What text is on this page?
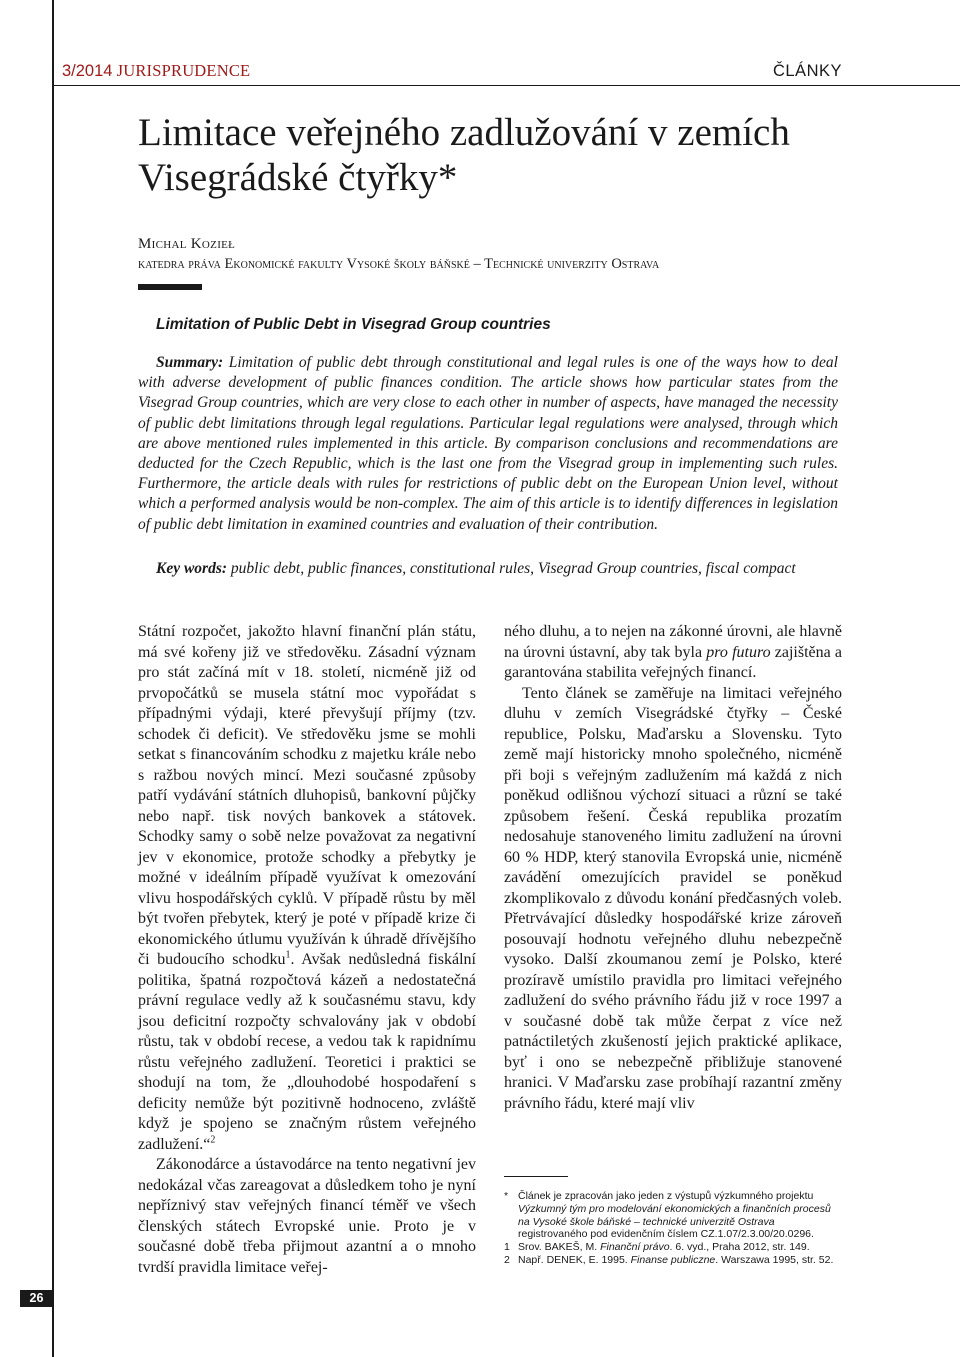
3/2014 JURISPRUDENCE	ČLÁNKY
Limitace veřejného zadlužování v zemích
Visegrádské čtyřky*
Michal Kozieł
katedra práva Ekonomické fakulty Vysoké školy báňské – Technické univerzity Ostrava
Limitation of Public Debt in Visegrad Group countries

Summary: Limitation of public debt through constitutional and legal rules is one of the ways how to deal with adverse development of public finances condition. The article shows how particular states from the Visegrad Group countries, which are very close to each other in number of aspects, have managed the necessity of public debt limitations through legal regulations. Particular legal regulations were analysed, through which are above mentioned rules implemented in this article. By comparison conclusions and recommendations are deducted for the Czech Republic, which is the last one from the Visegrad group in implementing such rules. Furthermore, the article deals with rules for restrictions of public debt on the European Union level, without which a performed analysis would be non-complex. The aim of this article is to identify differences in legislation of public debt limitation in examined countries and evaluation of their contribution.

Key words: public debt, public finances, constitutional rules, Visegrad Group countries, fiscal compact

Státní rozpočet, jakožto hlavní finanční plán státu, má své kořeny již ve středověku. Zásadní význam pro stát začíná mít v 18. století, nicméně již od prvopočátků se musela státní moc vypořádat s případnými výdaji, které převyšují příjmy (tzv. schodek či deficit). Ve středověku jsme se mohli setkat s financováním schodku z majetku krále nebo s ražbou nových mincí. Mezi současné způsoby patří vydávání státních dluhopisů, bankovní půjčky nebo např. tisk nových bankovek a státovek. Schodky samy o sobě nelze považovat za negativní jev v ekonomice, protože schodky a přebytky je možné v ideálním případě využívat k omezování vlivu hospodářských cyklů. V případě růstu by měl být tvořen přebytek, který je poté v případě krize či ekonomického útlumu využíván k úhradě dřívějšího či budoucího schodku$^1$. Avšak nedůsledná fiskální politika, špatná rozpočtová kázeň a nedostatečná právní regulace vedly až k současnému stavu, kdy jsou deficitní rozpočty schvalovány jak v období růstu, tak v období recese, a vedou tak k rapidnímu růstu veřejného zadlužení. Teoretici i praktici se shodují na tom, že „dlouhodobé hospodaření s deficity nemůže být pozitivně hodnoceno, zvláště když je spojeno se značným růstem veřejného zadlužení.“$^2$

Zákonodárce a ústavodárce na tento negativní jev nedokázal včas zareagovat a důsledkem toho je nyní nepříznivý stav veřejných financí téměř ve všech členských státech Evropské unie. Proto je v současné době třeba přijmout azantní a o mnoho tvrdší pravidla limitace veřej-

ného dluhu, a to nejen na zákonné úrovni, ale hlavně na úrovni ústavní, aby tak byla pro futuro zajištěna a garantována stabilita veřejných financí.

Tento článek se zaměřuje na limitaci veřejného dluhu v zemích Visegrádské čtyřky – České republice, Polsku, Maďarsku a Slovensku. Tyto země mají historicky mnoho společného, nicméně při boji s veřejným zadlužením má každá z nich poněkud odlišnou výchozí situaci a různí se také způsobem řešení. Česká republika prozatím nedosahuje stanoveného limitu zadlužení na úrovni 60 % HDP, který stanovila Evropská unie, nicméně zavádění omezujících pravidel se poněkud zkomplikovalo z důvodu konání předčasných voleb. Přetrvávající důsledky hospodářské krize zároveň posouvají hodnotu veřejného dluhu nebezpečně vysoko. Další zkoumanou zemí je Polsko, které prozíravě umístilo pravidla pro limitaci veřejného zadlužení do svého právního řádu již v roce 1997 a v současné době tak může čerpat z více než patnáctiletých zkušeností jejich praktické aplikace, byť i ono se nebezpečně přibližuje stanovené hranici. V Maďarsku zase probíhají razantní změny právního řádu, které mají vliv

* Článek je zpracován jako jeden z výstupů výzkumného projektu Výzkumný tým pro modelování ekonomických a finančních procesů na Vysoké škole báňské – technické univerzitě Ostrava registrovaného pod evidenčním číslem CZ.1.07/2.3.00/20.0296.
1 Srov. BAKEŠ, M. Finanční právo. 6. vyd., Praha 2012, str. 149.
2 Např. DENEK, E. 1995. Finanse publiczne. Warszawa 1995, str. 52.
26
